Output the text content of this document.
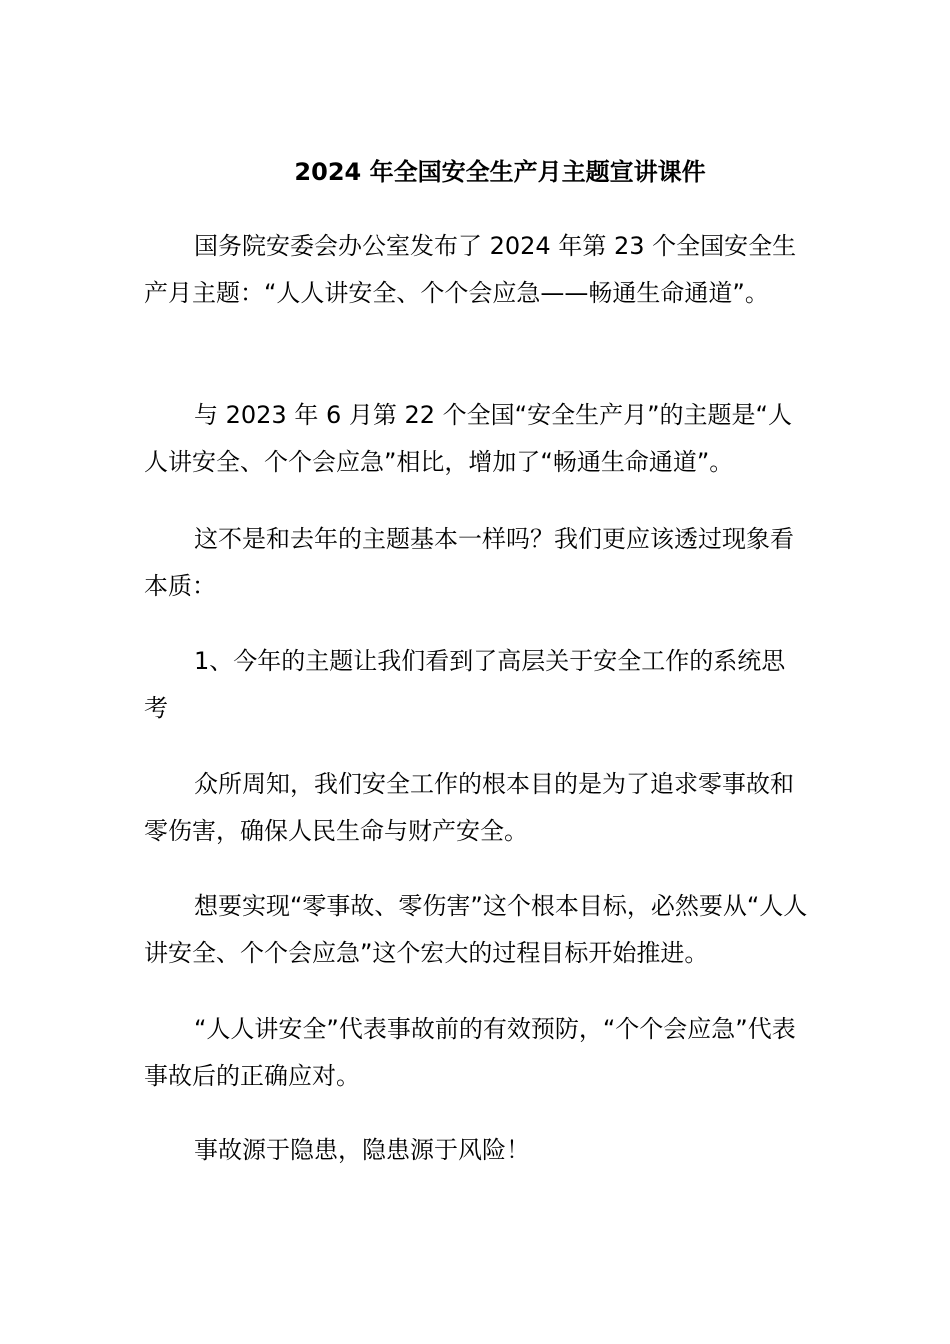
2024 年全国安全生产月主题宣讲课件

国务院安委会办公室发布了 2024 年第 23 个全国安全生产月主题：“人人讲安全、个个会应急——畅通生命通道”。

与 2023 年 6 月第 22 个全国“安全生产月”的主题是“人人讲安全、个个会应急”相比，增加了“畅通生命通道”。

这不是和去年的主题基本一样吗？我们更应该透过现象看本质：

1、今年的主题让我们看到了高层关于安全工作的系统思考

众所周知，我们安全工作的根本目的是为了追求零事故和零伤害，确保人民生命与财产安全。

想要实现“零事故、零伤害”这个根本目标，必然要从“人人讲安全、个个会应急”这个宏大的过程目标开始推进。

“人人讲安全”代表事故前的有效预防，“个个会应急”代表事故后的正确应对。

事故源于隐患，隐患源于风险！
